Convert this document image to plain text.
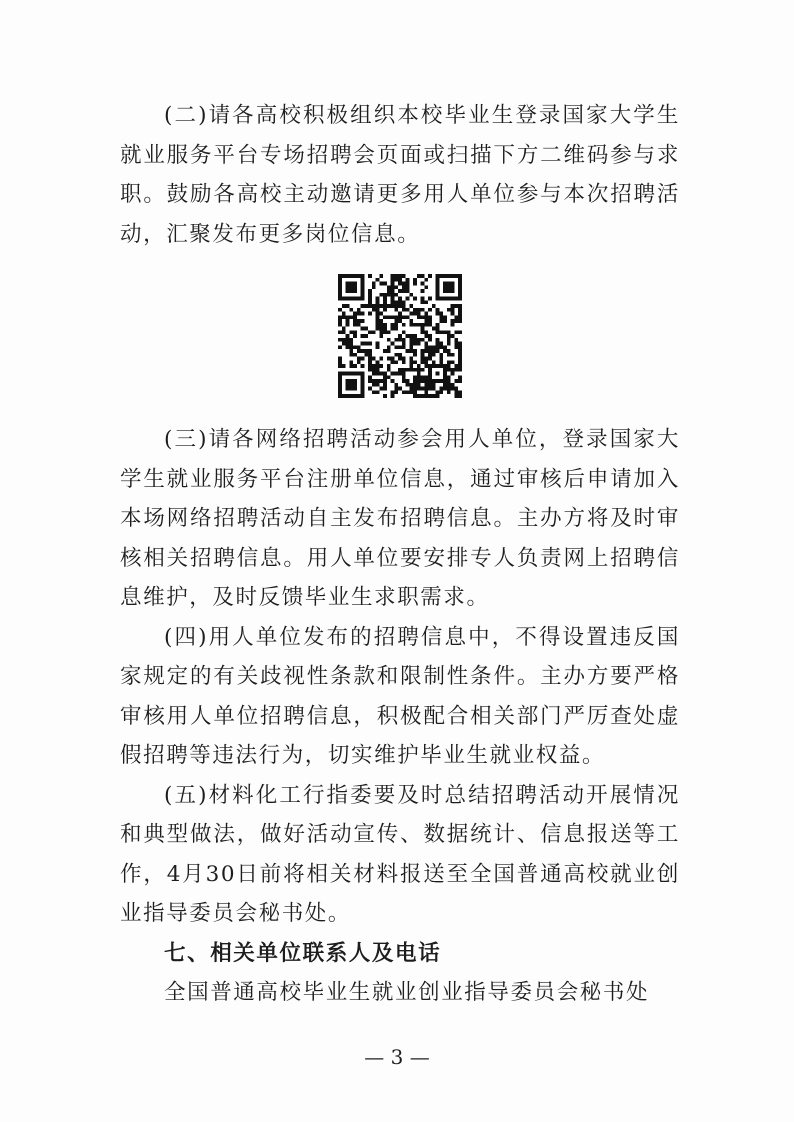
(二)请各高校积极组织本校毕业生登录国家大学生就业服务平台专场招聘会页面或扫描下方二维码参与求职。鼓励各高校主动邀请更多用人单位参与本次招聘活动，汇聚发布更多岗位信息。

(三)请各网络招聘活动参会用人单位，登录国家大学生就业服务平台注册单位信息，通过审核后申请加入本场网络招聘活动自主发布招聘信息。主办方将及时审核相关招聘信息。用人单位要安排专人负责网上招聘信息维护，及时反馈毕业生求职需求。

(四)用人单位发布的招聘信息中，不得设置违反国家规定的有关歧视性条款和限制性条件。主办方要严格审核用人单位招聘信息，积极配合相关部门严厉查处虚假招聘等违法行为，切实维护毕业生就业权益。

(五)材料化工行指委要及时总结招聘活动开展情况和典型做法，做好活动宣传、数据统计、信息报送等工作，4月30日前将相关材料报送至全国普通高校就业创业指导委员会秘书处。

七、相关单位联系人及电话

全国普通高校毕业生就业创业指导委员会秘书处

— 3 —
